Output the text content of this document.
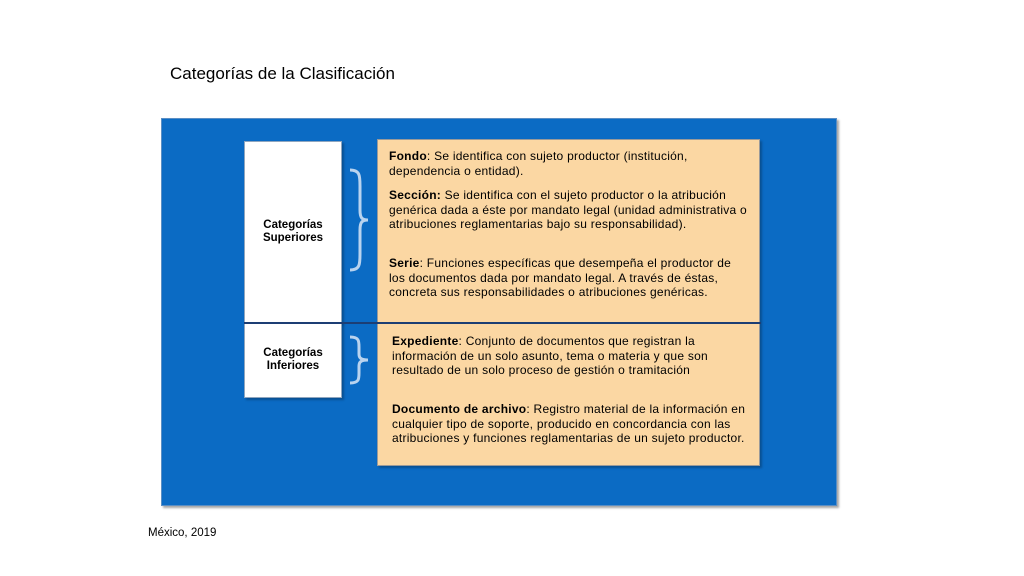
Categorías de la Clasificación
Categorías
Superiores
Categorías
Inferiores
Fondo: Se identifica con sujeto productor (institución, dependencia o entidad).
Sección: Se identifica con el sujeto productor o la atribución genérica dada a éste por mandato legal (unidad administrativa o atribuciones reglamentarias bajo su responsabilidad).
Serie: Funciones específicas que desempeña el productor de los documentos dada por mandato legal. A través de éstas, concreta sus responsabilidades o atribuciones genéricas.
Expediente: Conjunto de documentos que registran la información de un solo asunto, tema o materia y que son resultado de un solo proceso de gestión o tramitación
Documento de archivo: Registro material de la información en cualquier tipo de soporte, producido en concordancia con las atribuciones y funciones reglamentarias de un sujeto productor.
México, 2019
